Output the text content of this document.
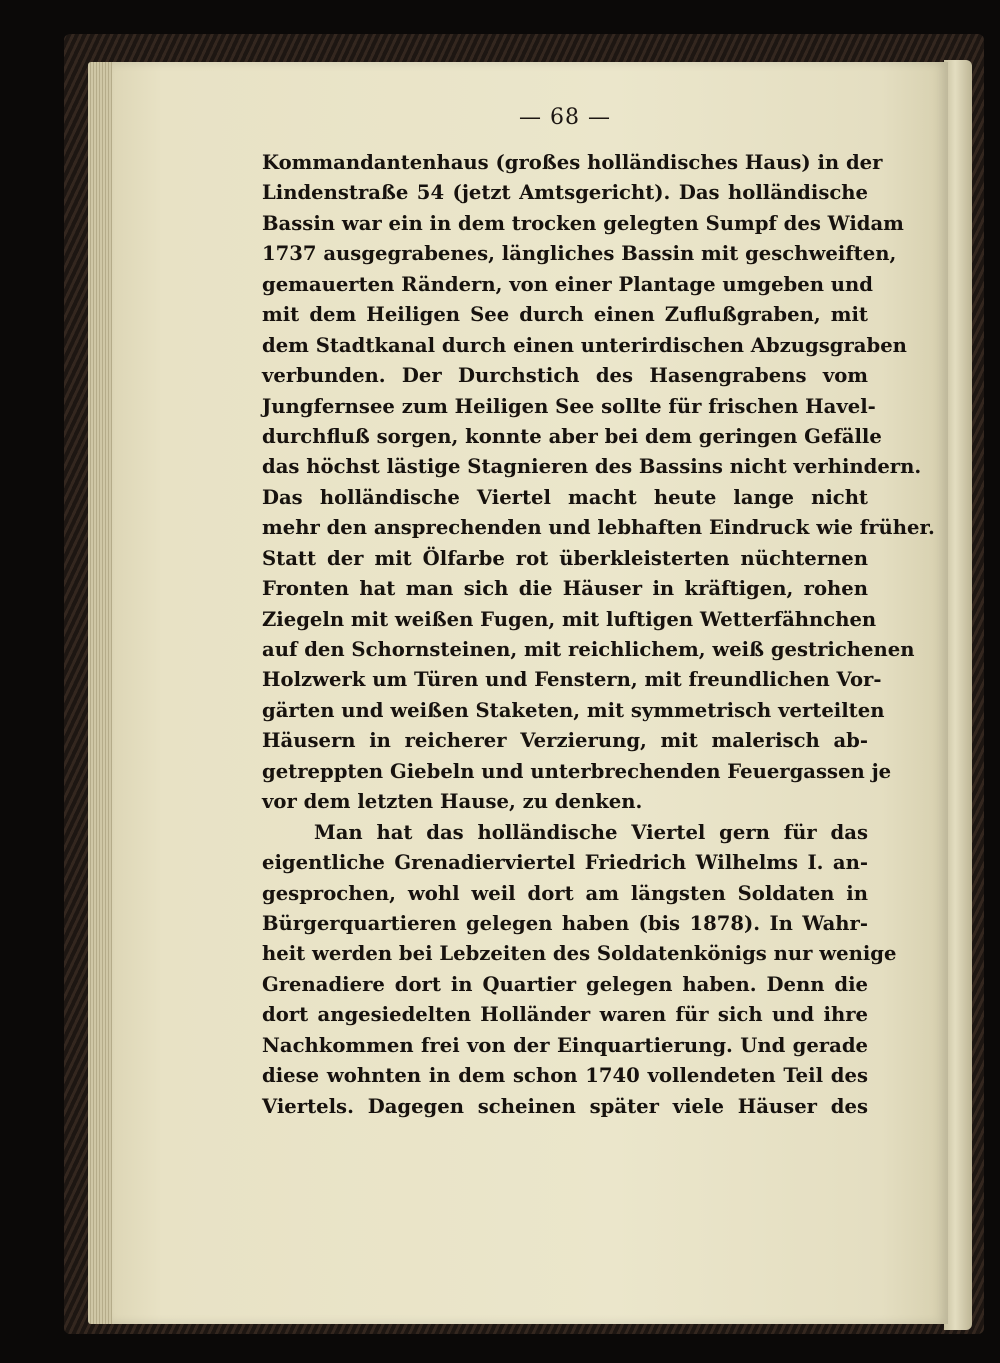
— 68 —
Kommandantenhaus (großes holländisches Haus) in der
Lindenstraße 54 (jetzt Amtsgericht). Das holländische
Bassin war ein in dem trocken gelegten Sumpf des Widam
1737 ausgegrabenes, längliches Bassin mit geschweiften,
gemauerten Rändern, von einer Plantage umgeben und
mit dem Heiligen See durch einen Zuflußgraben, mit
dem Stadtkanal durch einen unterirdischen Abzugsgraben
verbunden. Der Durchstich des Hasengrabens vom
Jungfernsee zum Heiligen See sollte für frischen Havel-
durchfluß sorgen, konnte aber bei dem geringen Gefälle
das höchst lästige Stagnieren des Bassins nicht verhindern.
Das holländische Viertel macht heute lange nicht
mehr den ansprechenden und lebhaften Eindruck wie früher.
Statt der mit Ölfarbe rot überkleisterten nüchternen
Fronten hat man sich die Häuser in kräftigen, rohen
Ziegeln mit weißen Fugen, mit luftigen Wetterfähnchen
auf den Schornsteinen, mit reichlichem, weiß gestrichenen
Holzwerk um Türen und Fenstern, mit freundlichen Vor-
gärten und weißen Staketen, mit symmetrisch verteilten
Häusern in reicherer Verzierung, mit malerisch ab-
getreppten Giebeln und unterbrechenden Feuergassen je
vor dem letzten Hause, zu denken.
Man hat das holländische Viertel gern für das
eigentliche Grenadierviertel Friedrich Wilhelms I. an-
gesprochen, wohl weil dort am längsten Soldaten in
Bürgerquartieren gelegen haben (bis 1878). In Wahr-
heit werden bei Lebzeiten des Soldatenkönigs nur wenige
Grenadiere dort in Quartier gelegen haben. Denn die
dort angesiedelten Holländer waren für sich und ihre
Nachkommen frei von der Einquartierung. Und gerade
diese wohnten in dem schon 1740 vollendeten Teil des
Viertels. Dagegen scheinen später viele Häuser des
